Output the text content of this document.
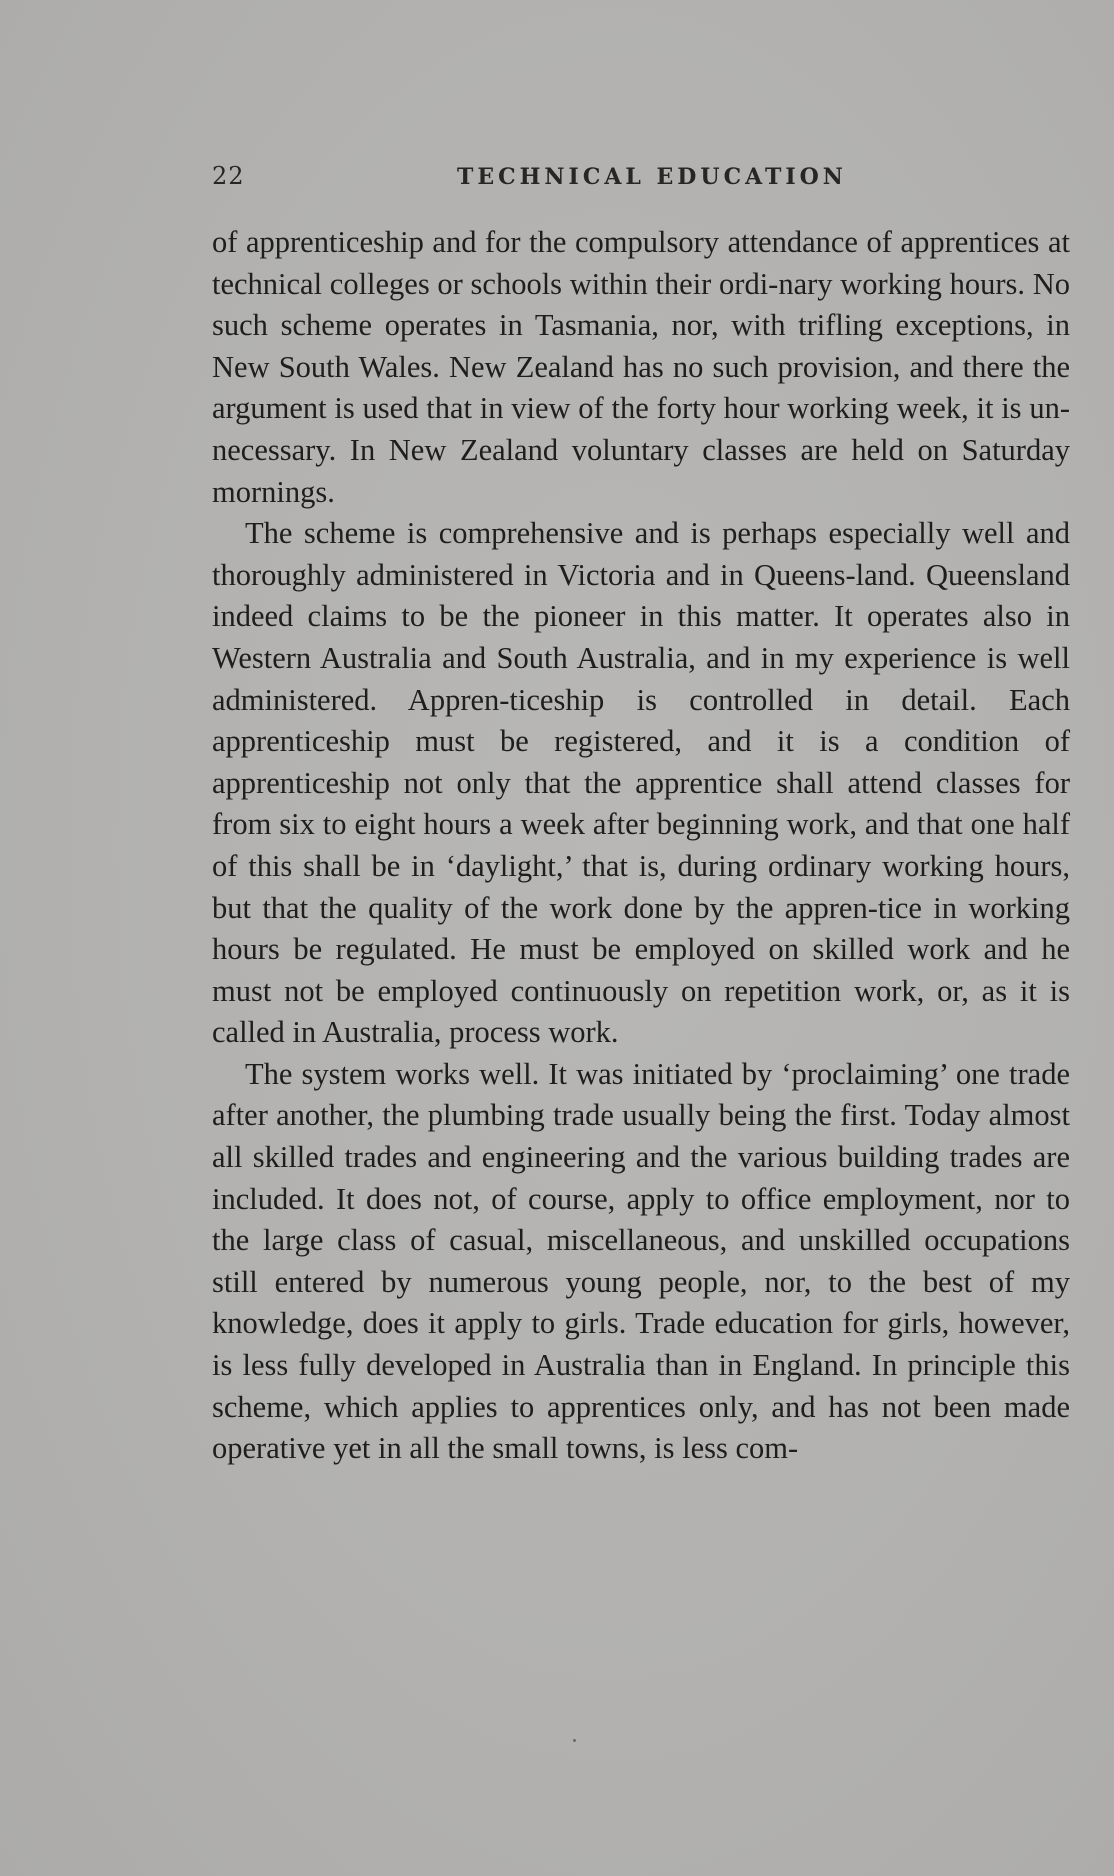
22	TECHNICAL EDUCATION

of apprenticeship and for the compulsory attendance of apprentices at technical colleges or schools within their ordi-nary working hours. No such scheme operates in Tasmania, nor, with trifling exceptions, in New South Wales. New Zealand has no such provision, and there the argument is used that in view of the forty hour working week, it is un-necessary. In New Zealand voluntary classes are held on Saturday mornings.

The scheme is comprehensive and is perhaps especially well and thoroughly administered in Victoria and in Queens-land. Queensland indeed claims to be the pioneer in this matter. It operates also in Western Australia and South Australia, and in my experience is well administered. Appren-ticeship is controlled in detail. Each apprenticeship must be registered, and it is a condition of apprenticeship not only that the apprentice shall attend classes for from six to eight hours a week after beginning work, and that one half of this shall be in ‘daylight,’ that is, during ordinary working hours, but that the quality of the work done by the appren-tice in working hours be regulated. He must be employed on skilled work and he must not be employed continuously on repetition work, or, as it is called in Australia, process work.

The system works well. It was initiated by ‘proclaiming’ one trade after another, the plumbing trade usually being the first. Today almost all skilled trades and engineering and the various building trades are included. It does not, of course, apply to office employment, nor to the large class of casual, miscellaneous, and unskilled occupations still entered by numerous young people, nor, to the best of my knowledge, does it apply to girls. Trade education for girls, however, is less fully developed in Australia than in England. In principle this scheme, which applies to apprentices only, and has not been made operative yet in all the small towns, is less com-
